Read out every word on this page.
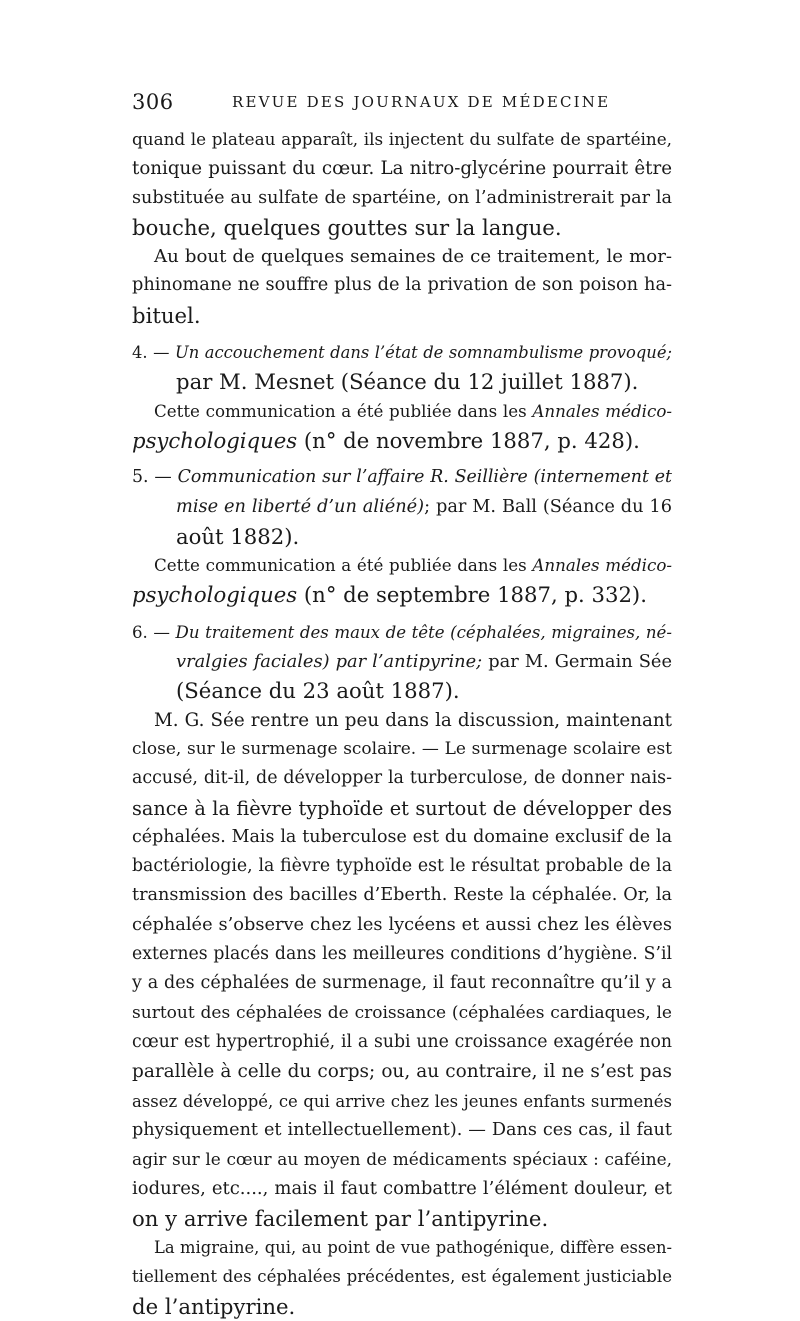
306	REVUE DES JOURNAUX DE MÉDECINE
quand le plateau apparaît, ils injectent du sulfate de spartéine,
tonique puissant du cœur. La nitro-glycérine pourrait être
substituée au sulfate de spartéine, on l’administrerait par la
bouche, quelques gouttes sur la langue.
Au bout de quelques semaines de ce traitement, le mor-
phinomane ne souffre plus de la privation de son poison ha-
bituel.
4. — Un accouchement dans l’état de somnambulisme provoqué;
par M. Mesnet (Séance du 12 juillet 1887).
Cette communication a été publiée dans les Annales médico-
psychologiques (n° de novembre 1887, p. 428).
5. — Communication sur l’affaire R. Seillière (internement et
mise en liberté d’un aliéné); par M. Ball (Séance du 16
août 1882).
Cette communication a été publiée dans les Annales médico-
psychologiques (n° de septembre 1887, p. 332).
6. — Du traitement des maux de tête (céphalées, migraines, né-
vralgies faciales) par l’antipyrine; par M. Germain Sée
(Séance du 23 août 1887).
M. G. Sée rentre un peu dans la discussion, maintenant
close, sur le surmenage scolaire. — Le surmenage scolaire est
accusé, dit-il, de développer la turberculose, de donner nais-
sance à la fièvre typhoïde et surtout de développer des
céphalées. Mais la tuberculose est du domaine exclusif de la
bactériologie, la fièvre typhoïde est le résultat probable de la
transmission des bacilles d’Eberth. Reste la céphalée. Or, la
céphalée s’observe chez les lycéens et aussi chez les élèves
externes placés dans les meilleures conditions d’hygiène. S’il
y a des céphalées de surmenage, il faut reconnaître qu’il y a
surtout des céphalées de croissance (céphalées cardiaques, le
cœur est hypertrophié, il a subi une croissance exagérée non
parallèle à celle du corps; ou, au contraire, il ne s’est pas
assez développé, ce qui arrive chez les jeunes enfants surmenés
physiquement et intellectuellement). — Dans ces cas, il faut
agir sur le cœur au moyen de médicaments spéciaux : caféine,
iodures, etc...., mais il faut combattre l’élément douleur, et
on y arrive facilement par l’antipyrine.
La migraine, qui, au point de vue pathogénique, diffère essen-
tiellement des céphalées précédentes, est également justiciable
de l’antipyrine.
